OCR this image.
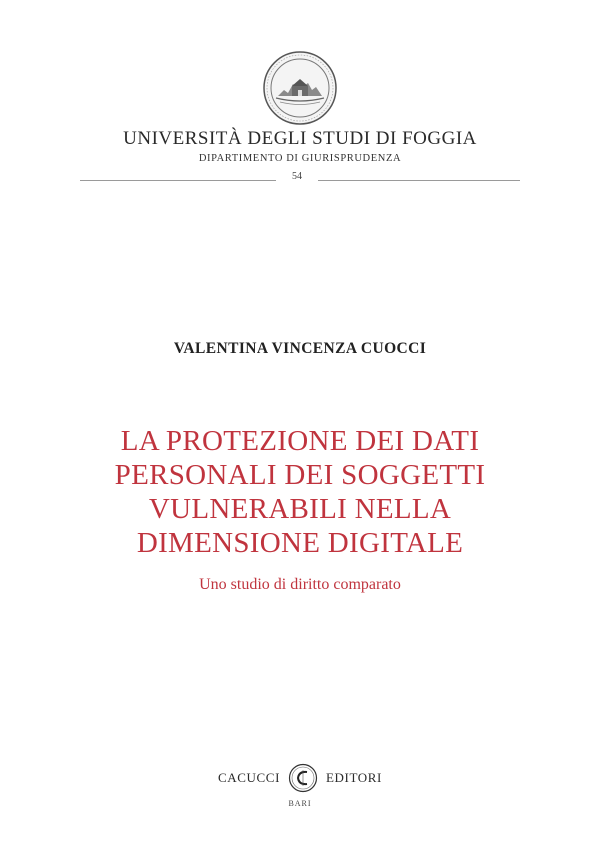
UNIVERSITÀ DEGLI STUDI DI FOGGIA
DIPARTIMENTO DI GIURISPRUDENZA
54
VALENTINA VINCENZA CUOCCI
LA PROTEZIONE DEI DATI
PERSONALI DEI SOGGETTI
VULNERABILI NELLA
DIMENSIONE DIGITALE
Uno studio di diritto comparato
CACUCCI	EDITORI
BARI
